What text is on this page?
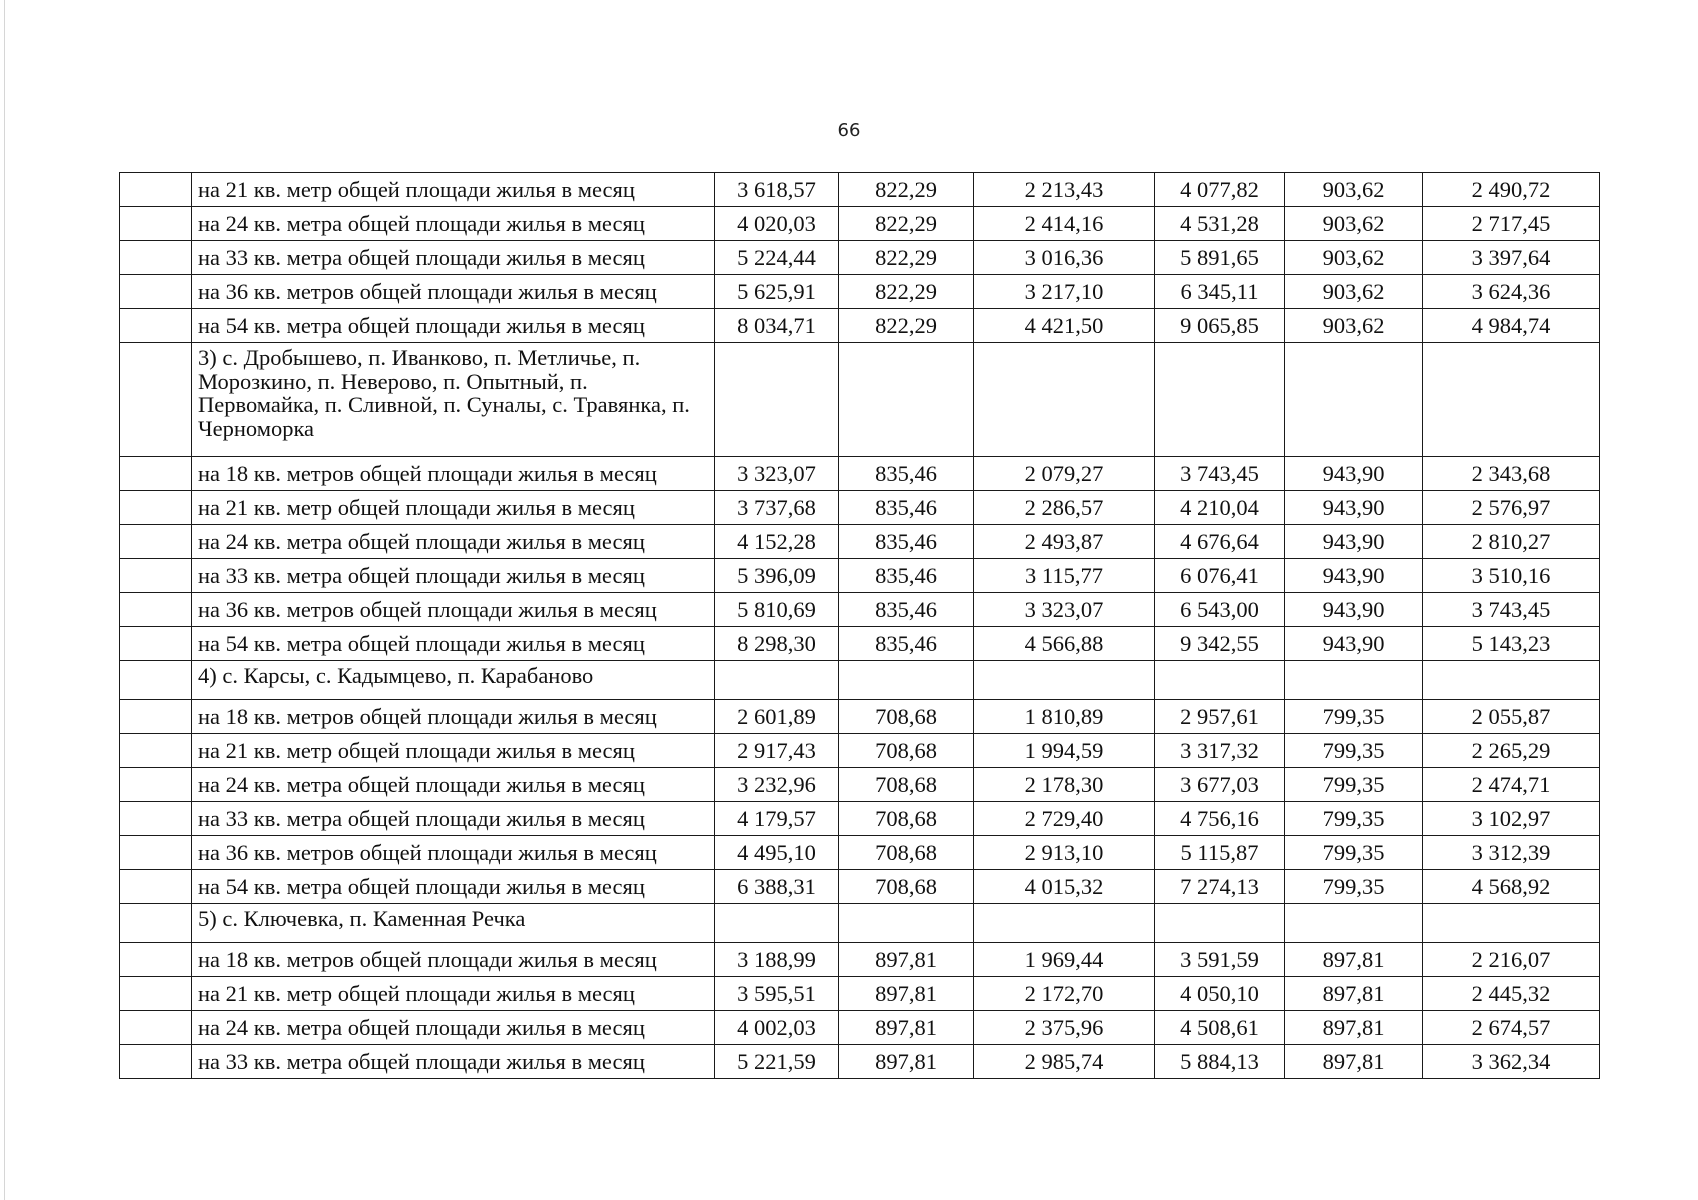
66
	на 21 кв. метр общей площади жилья в месяц	3 618,57	822,29	2 213,43	4 077,82	903,62	2 490,72
	на 24 кв. метра общей площади жилья в месяц	4 020,03	822,29	2 414,16	4 531,28	903,62	2 717,45
	на 33 кв. метра общей площади жилья в месяц	5 224,44	822,29	3 016,36	5 891,65	903,62	3 397,64
	на 36 кв. метров общей площади жилья в месяц	5 625,91	822,29	3 217,10	6 345,11	903,62	3 624,36
	на 54 кв. метра общей площади жилья в месяц	8 034,71	822,29	4 421,50	9 065,85	903,62	4 984,74
	3) с. Дробышево, п. Иванково, п. Метличье, п. Морозкино, п. Неверово, п. Опытный, п. Первомайка, п. Сливной, п. Суналы, с. Травянка, п. Черноморка						
	на 18 кв. метров общей площади жилья в месяц	3 323,07	835,46	2 079,27	3 743,45	943,90	2 343,68
	на 21 кв. метр общей площади жилья в месяц	3 737,68	835,46	2 286,57	4 210,04	943,90	2 576,97
	на 24 кв. метра общей площади жилья в месяц	4 152,28	835,46	2 493,87	4 676,64	943,90	2 810,27
	на 33 кв. метра общей площади жилья в месяц	5 396,09	835,46	3 115,77	6 076,41	943,90	3 510,16
	на 36 кв. метров общей площади жилья в месяц	5 810,69	835,46	3 323,07	6 543,00	943,90	3 743,45
	на 54 кв. метра общей площади жилья в месяц	8 298,30	835,46	4 566,88	9 342,55	943,90	5 143,23
	4) с. Карсы, с. Кадымцево, п. Карабаново						
	на 18 кв. метров общей площади жилья в месяц	2 601,89	708,68	1 810,89	2 957,61	799,35	2 055,87
	на 21 кв. метр общей площади жилья в месяц	2 917,43	708,68	1 994,59	3 317,32	799,35	2 265,29
	на 24 кв. метра общей площади жилья в месяц	3 232,96	708,68	2 178,30	3 677,03	799,35	2 474,71
	на 33 кв. метра общей площади жилья в месяц	4 179,57	708,68	2 729,40	4 756,16	799,35	3 102,97
	на 36 кв. метров общей площади жилья в месяц	4 495,10	708,68	2 913,10	5 115,87	799,35	3 312,39
	на 54 кв. метра общей площади жилья в месяц	6 388,31	708,68	4 015,32	7 274,13	799,35	4 568,92
	5) с. Ключевка, п. Каменная Речка						
	на 18 кв. метров общей площади жилья в месяц	3 188,99	897,81	1 969,44	3 591,59	897,81	2 216,07
	на 21 кв. метр общей площади жилья в месяц	3 595,51	897,81	2 172,70	4 050,10	897,81	2 445,32
	на 24 кв. метра общей площади жилья в месяц	4 002,03	897,81	2 375,96	4 508,61	897,81	2 674,57
	на 33 кв. метра общей площади жилья в месяц	5 221,59	897,81	2 985,74	5 884,13	897,81	3 362,34
